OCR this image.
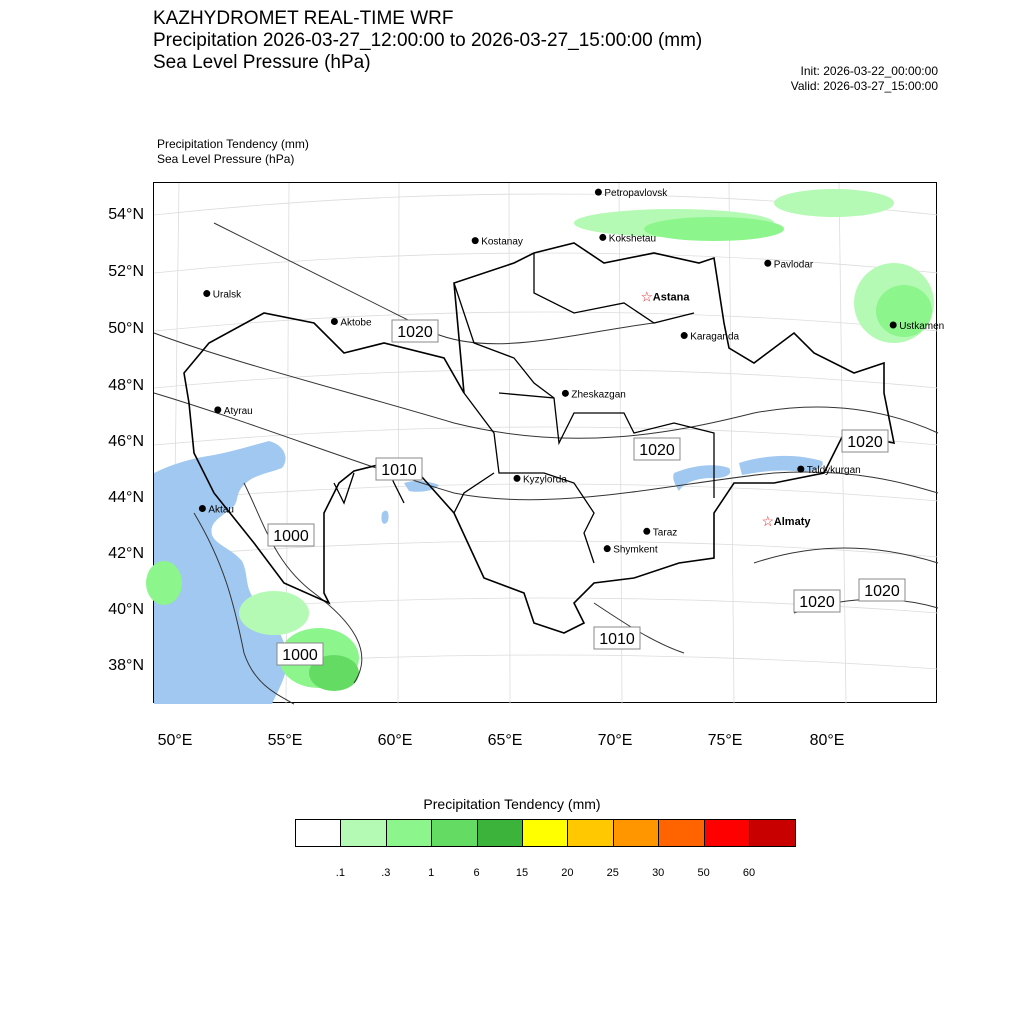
KAZHYDROMET REAL-TIME WRF
Precipitation 2026-03-27_12:00:00 to 2026-03-27_15:00:00 (mm)
Sea Level Pressure (hPa)	Init: 2026-03-22_00:00:00
Valid: 2026-03-27_15:00:00
Precipitation Tendency (mm)
Sea Level Pressure (hPa)
1020
1020	1020
1010
1000
1020
1020
1010
1000
Petropavlovsk
Kostanay	Kokshetau
Pavlodar
Uralsk	☆ Astana
Ustkamen
Aktobe
Karaganda
Atyrau
Zheskazgan
Taldykurgan
Kyzylorda
Aktau
☆ Almaty
Taraz
Shymkent
54°N
52°N
50°N
48°N
46°N
44°N
42°N
40°N
38°N
50°E	55°E	60°E	65°E	70°E	75°E	80°E
Precipitation Tendency (mm)
.1	.3	1	6	15	20	25	30	50	60
